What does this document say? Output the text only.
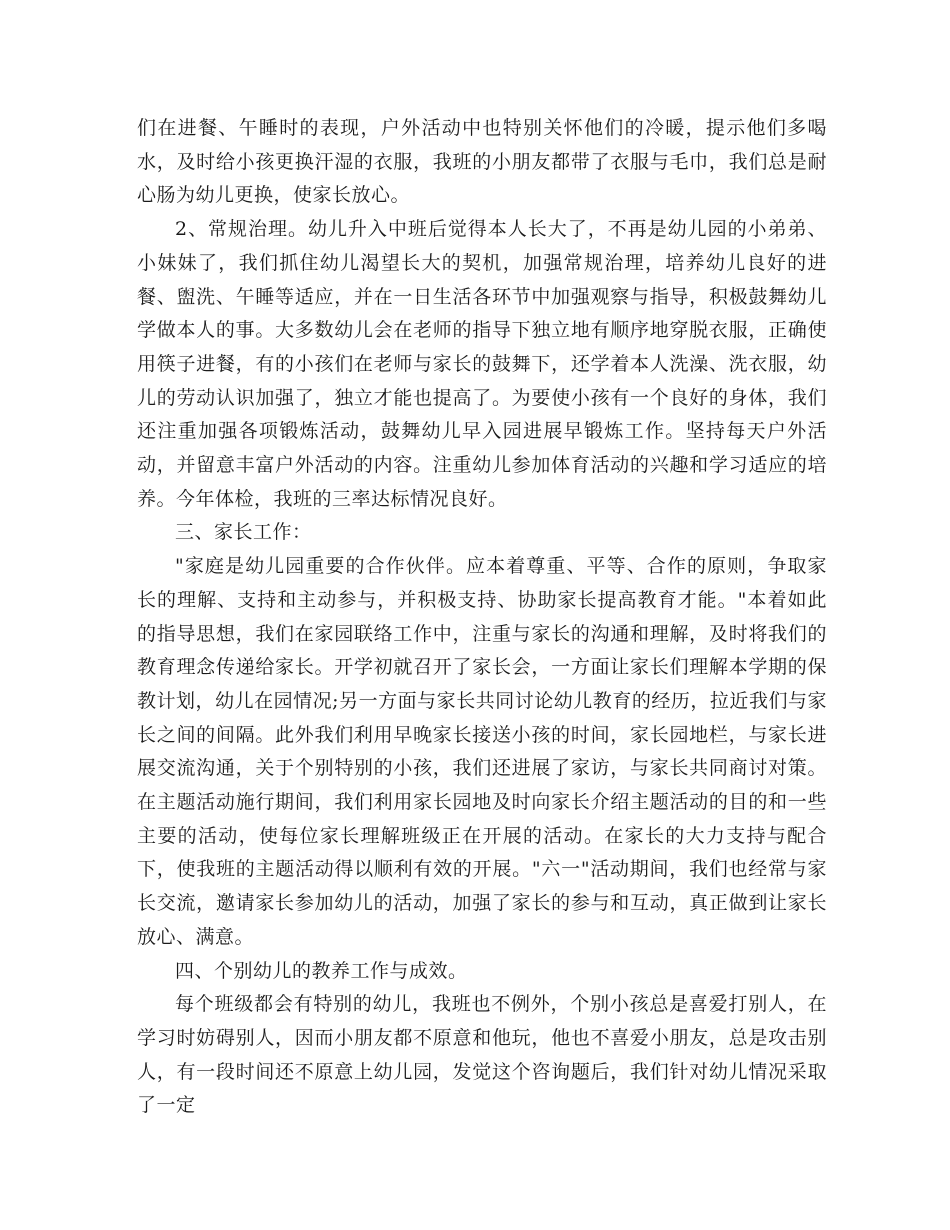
们在进餐、午睡时的表现，户外活动中也特别关怀他们的冷暖，提示他们多喝水，及时给小孩更换汗湿的衣服，我班的小朋友都带了衣服与毛巾，我们总是耐心肠为幼儿更换，使家长放心。

2、常规治理。幼儿升入中班后觉得本人长大了，不再是幼儿园的小弟弟、小妹妹了，我们抓住幼儿渴望长大的契机，加强常规治理，培养幼儿良好的进餐、盥洗、午睡等适应，并在一日生活各环节中加强观察与指导，积极鼓舞幼儿学做本人的事。大多数幼儿会在老师的指导下独立地有顺序地穿脱衣服，正确使用筷子进餐，有的小孩们在老师与家长的鼓舞下，还学着本人洗澡、洗衣服，幼儿的劳动认识加强了，独立才能也提高了。为要使小孩有一个良好的身体，我们还注重加强各项锻炼活动，鼓舞幼儿早入园进展早锻炼工作。坚持每天户外活动，并留意丰富户外活动的内容。注重幼儿参加体育活动的兴趣和学习适应的培养。今年体检，我班的三率达标情况良好。

三、家长工作：

"家庭是幼儿园重要的合作伙伴。应本着尊重、平等、合作的原则，争取家长的理解、支持和主动参与，并积极支持、协助家长提高教育才能。"本着如此的指导思想，我们在家园联络工作中，注重与家长的沟通和理解，及时将我们的教育理念传递给家长。开学初就召开了家长会，一方面让家长们理解本学期的保教计划，幼儿在园情况;另一方面与家长共同讨论幼儿教育的经历，拉近我们与家长之间的间隔。此外我们利用早晚家长接送小孩的时间，家长园地栏，与家长进展交流沟通，关于个别特别的小孩，我们还进展了家访，与家长共同商讨对策。在主题活动施行期间，我们利用家长园地及时向家长介绍主题活动的目的和一些主要的活动，使每位家长理解班级正在开展的活动。在家长的大力支持与配合下，使我班的主题活动得以顺利有效的开展。"六一"活动期间，我们也经常与家长交流，邀请家长参加幼儿的活动，加强了家长的参与和互动，真正做到让家长放心、满意。

四、个别幼儿的教养工作与成效。

每个班级都会有特别的幼儿，我班也不例外，个别小孩总是喜爱打别人，在学习时妨碍别人，因而小朋友都不原意和他玩，他也不喜爱小朋友，总是攻击别人，有一段时间还不原意上幼儿园，发觉这个咨询题后，我们针对幼儿情况采取了一定
